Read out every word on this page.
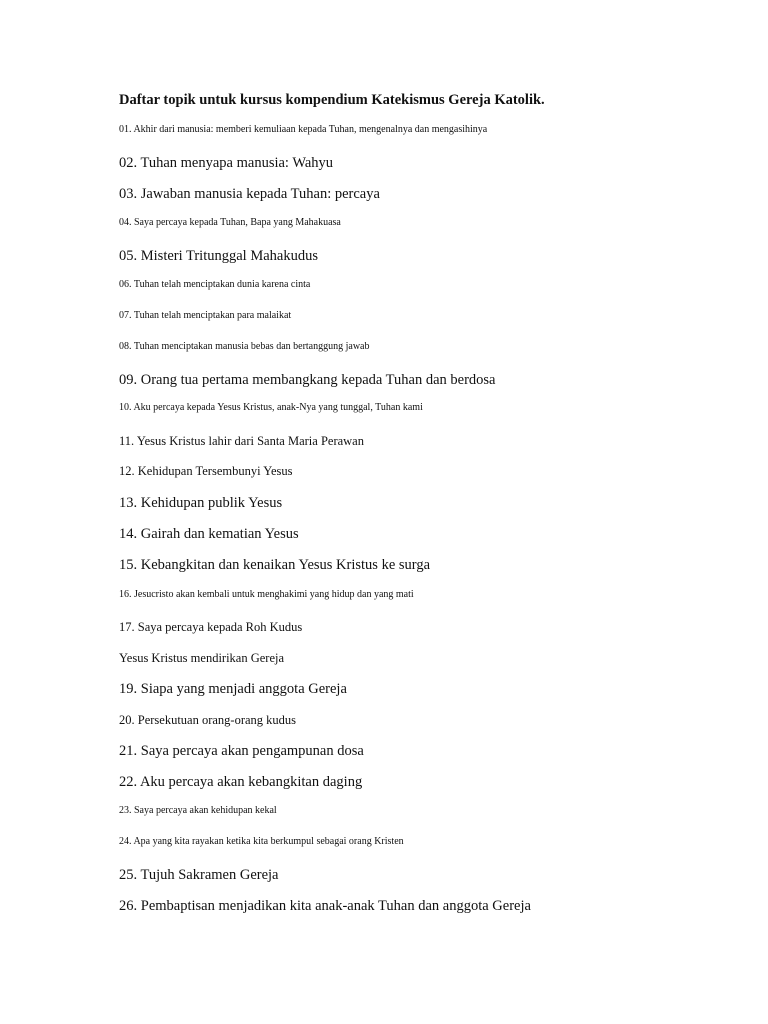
Daftar topik untuk kursus kompendium Katekismus Gereja Katolik.
01. Akhir dari manusia: memberi kemuliaan kepada Tuhan, mengenalnya dan mengasihinya
02. Tuhan menyapa manusia: Wahyu
03. Jawaban manusia kepada Tuhan: percaya
04. Saya percaya kepada Tuhan, Bapa yang Mahakuasa
05. Misteri Tritunggal Mahakudus
06. Tuhan telah menciptakan dunia karena cinta
07. Tuhan telah menciptakan para malaikat
08. Tuhan menciptakan manusia bebas dan bertanggung jawab
09. Orang tua pertama membangkang kepada Tuhan dan berdosa
10. Aku percaya kepada Yesus Kristus, anak-Nya yang tunggal, Tuhan kami
11. Yesus Kristus lahir dari Santa Maria Perawan
12. Kehidupan Tersembunyi Yesus
13. Kehidupan publik Yesus
14. Gairah dan kematian Yesus
15. Kebangkitan dan kenaikan Yesus Kristus ke surga
16. Jesucristo akan kembali untuk menghakimi yang hidup dan yang mati
17. Saya percaya kepada Roh Kudus
Yesus Kristus mendirikan Gereja
19. Siapa yang menjadi anggota Gereja
20. Persekutuan orang-orang kudus
21. Saya percaya akan pengampunan dosa
22. Aku percaya akan kebangkitan daging
23. Saya percaya akan kehidupan kekal
24. Apa yang kita rayakan ketika kita berkumpul sebagai orang Kristen
25. Tujuh Sakramen Gereja
26. Pembaptisan menjadikan kita anak-anak Tuhan dan anggota Gereja
